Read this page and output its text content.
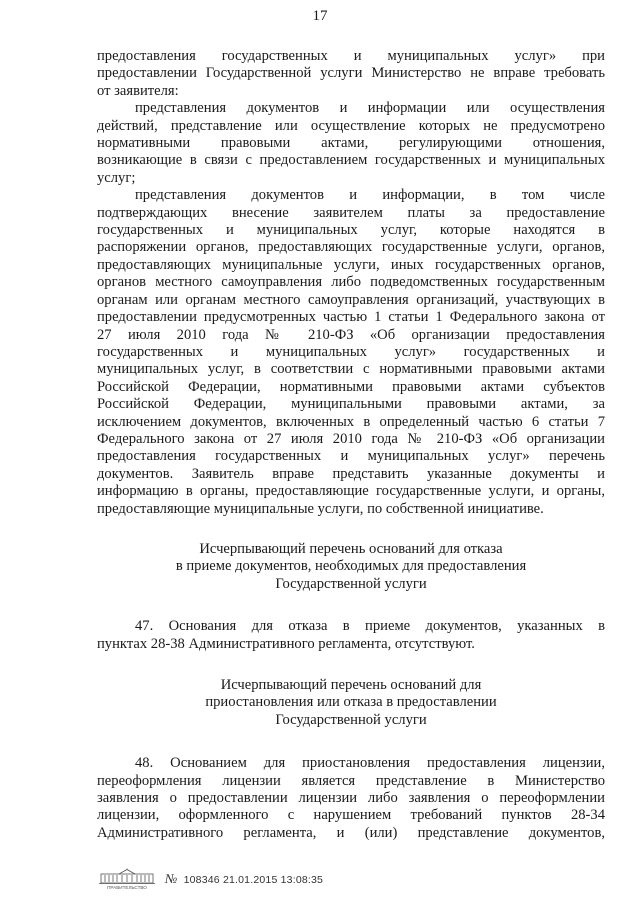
17
предоставления государственных и муниципальных услуг» при
предоставлении Государственной услуги Министерство не вправе требовать
от заявителя:
представления документов и информации или осуществления
действий, представление или осуществление которых не предусмотрено
нормативными правовыми актами, регулирующими отношения,
возникающие в связи с предоставлением государственных и муниципальных
услуг;
представления документов и информации, в том числе
подтверждающих внесение заявителем платы за предоставление
государственных и муниципальных услуг, которые находятся в
распоряжении органов, предоставляющих государственные услуги, органов,
предоставляющих муниципальные услуги, иных государственных органов,
органов местного самоуправления либо подведомственных государственным
органам или органам местного самоуправления организаций, участвующих в
предоставлении предусмотренных частью 1 статьи 1 Федерального закона от
27 июля 2010 года № 210-ФЗ «Об организации предоставления
государственных и муниципальных услуг» государственных и
муниципальных услуг, в соответствии с нормативными правовыми актами
Российской Федерации, нормативными правовыми актами субъектов
Российской Федерации, муниципальными правовыми актами, за
исключением документов, включенных в определенный частью 6 статьи 7
Федерального закона от 27 июля 2010 года № 210-ФЗ «Об организации
предоставления государственных и муниципальных услуг» перечень
документов. Заявитель вправе представить указанные документы и
информацию в органы, предоставляющие государственные услуги, и органы,
предоставляющие муниципальные услуги, по собственной инициативе.
Исчерпывающий перечень оснований для отказа
в приеме документов, необходимых для предоставления
Государственной услуги
47. Основания для отказа в приеме документов, указанных в
пунктах 28-38 Административного регламента, отсутствуют.
Исчерпывающий перечень оснований для
приостановления или отказа в предоставлении
Государственной услуги
48. Основанием для приостановления предоставления лицензии,
переоформления лицензии является представление в Министерство
заявления о предоставлении лицензии либо заявления о переоформлении
лицензии, оформленного с нарушением требований пунктов 28-34
Административного регламента, и (или) представление документов,
ПРАВИТЕЛЬСТВО
№ 108346 21.01.2015 13:08:35
